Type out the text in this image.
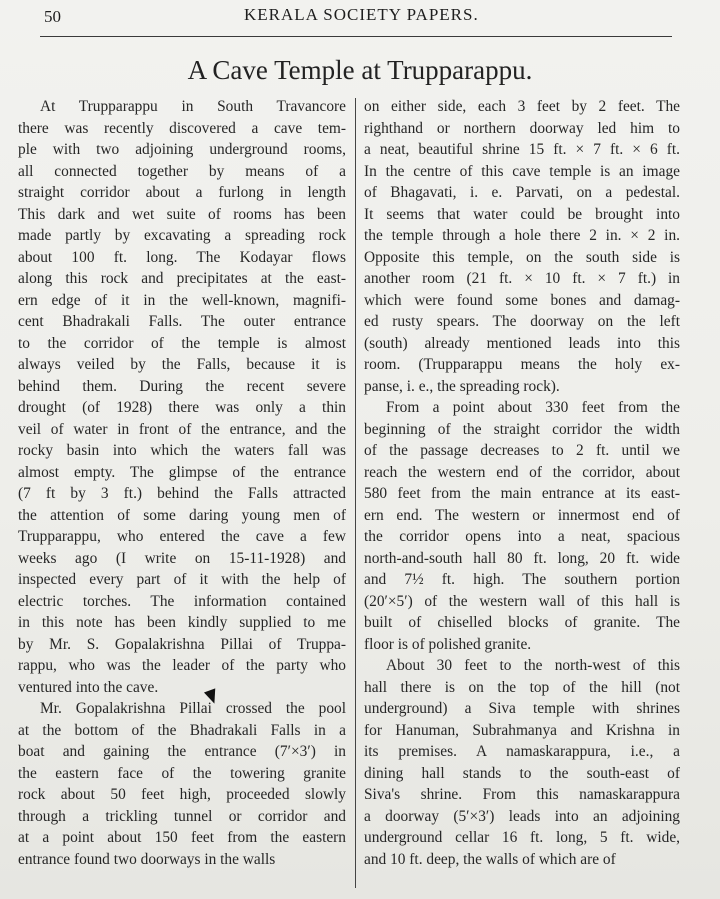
50	KERALA SOCIETY PAPERS.
A Cave Temple at Trupparappu.
At Trupparappu in South Travancore
there was recently discovered a cave tem-
ple with two adjoining underground rooms,
all connected together by means of a
straight corridor about a furlong in length
This dark and wet suite of rooms has been
made partly by excavating a spreading rock
about 100 ft. long. The Kodayar flows
along this rock and precipitates at the east-
ern edge of it in the well-known, magnifi-
cent Bhadrakali Falls. The outer entrance
to the corridor of the temple is almost
always veiled by the Falls, because it is
behind them. During the recent severe
drought (of 1928) there was only a thin
veil of water in front of the entrance, and the
rocky basin into which the waters fall was
almost empty. The glimpse of the entrance
(7 ft by 3 ft.) behind the Falls attracted
the attention of some daring young men of
Trupparappu, who entered the cave a few
weeks ago (I write on 15-11-1928) and
inspected every part of it with the help of
electric torches. The information contained
in this note has been kindly supplied to me
by Mr. S. Gopalakrishna Pillai of Truppa-
rappu, who was the leader of the party who
ventured into the cave.
Mr. Gopalakrishna Pillai crossed the pool
at the bottom of the Bhadrakali Falls in a
boat and gaining the entrance (7′×3′) in
the eastern face of the towering granite
rock about 50 feet high, proceeded slowly
through a trickling tunnel or corridor and
at a point about 150 feet from the eastern
entrance found two doorways in the walls
on either side, each 3 feet by 2 feet. The
righthand or northern doorway led him to
a neat, beautiful shrine 15 ft. × 7 ft. × 6 ft.
In the centre of this cave temple is an image
of Bhagavati, i. e. Parvati, on a pedestal.
It seems that water could be brought into
the temple through a hole there 2 in. × 2 in.
Opposite this temple, on the south side is
another room (21 ft. × 10 ft. × 7 ft.) in
which were found some bones and damag-
ed rusty spears. The doorway on the left
(south) already mentioned leads into this
room. (Trupparappu means the holy ex-
panse, i. e., the spreading rock).
From a point about 330 feet from the
beginning of the straight corridor the width
of the passage decreases to 2 ft. until we
reach the western end of the corridor, about
580 feet from the main entrance at its east-
ern end. The western or innermost end of
the corridor opens into a neat, spacious
north-and-south hall 80 ft. long, 20 ft. wide
and 7½ ft. high. The southern portion
(20′×5′) of the western wall of this hall is
built of chiselled blocks of granite. The
floor is of polished granite.
About 30 feet to the north-west of this
hall there is on the top of the hill (not
underground) a Siva temple with shrines
for Hanuman, Subrahmanya and Krishna in
its premises. A namaskarappura, i.e., a
dining hall stands to the south-east of
Siva's shrine. From this namaskarappura
a doorway (5′×3′) leads into an adjoining
underground cellar 16 ft. long, 5 ft. wide,
and 10 ft. deep, the walls of which are of
